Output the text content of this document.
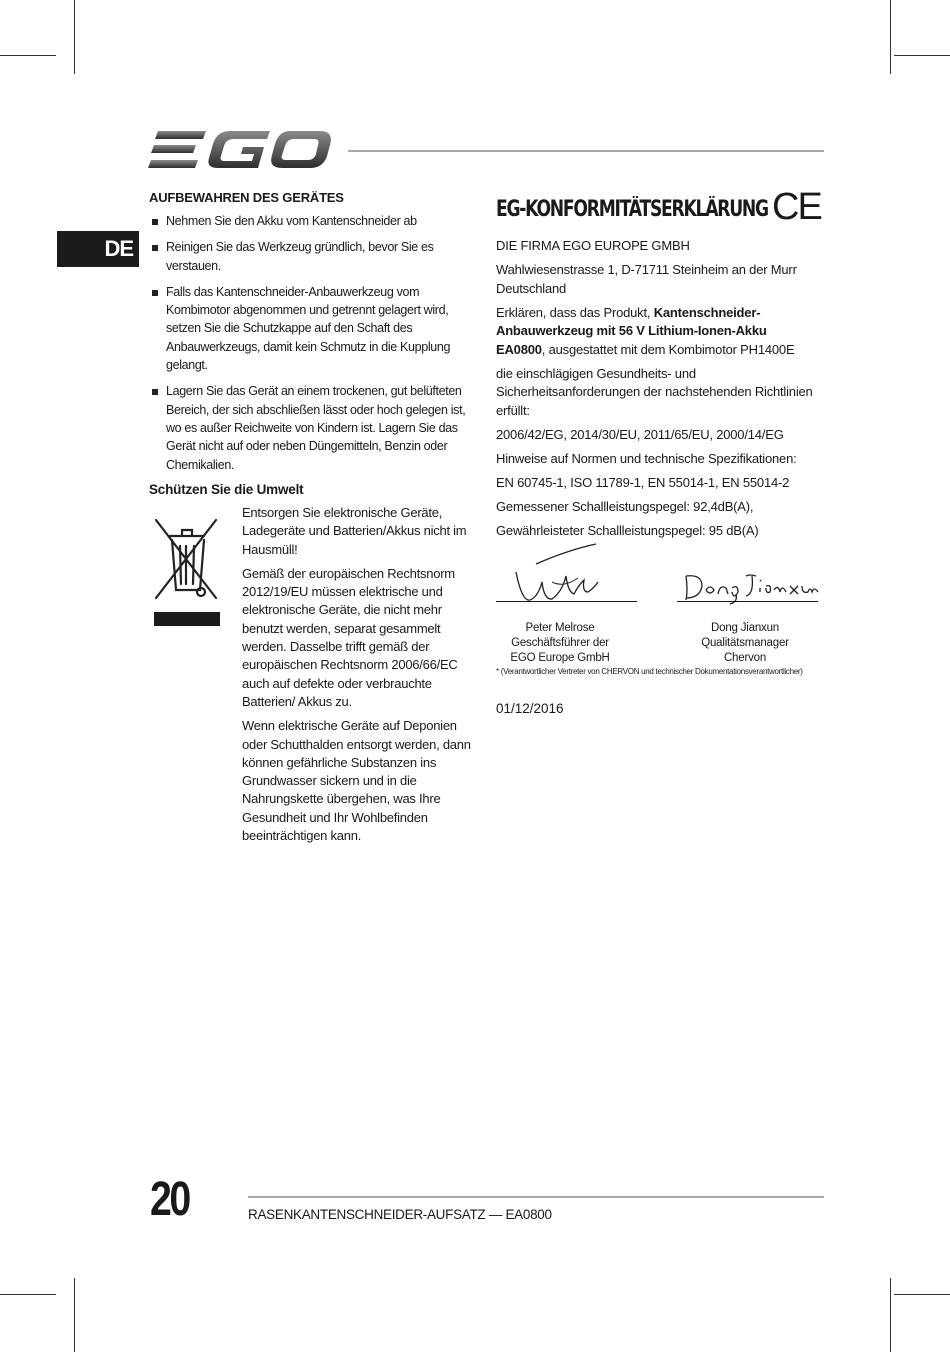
DE
AUFBEWAHREN DES GERÄTES
Nehmen Sie den Akku vom Kantenschneider ab
Reinigen Sie das Werkzeug gründlich, bevor Sie es verstauen.
Falls das Kantenschneider-Anbauwerkzeug vom Kombimotor abgenommen und getrennt gelagert wird, setzen Sie die Schutzkappe auf den Schaft des Anbauwerkzeugs, damit kein Schmutz in die Kupplung gelangt.
Lagern Sie das Gerät an einem trockenen, gut belüfteten Bereich, der sich abschließen lässt oder hoch gelegen ist, wo es außer Reichweite von Kindern ist. Lagern Sie das Gerät nicht auf oder neben Düngemitteln, Benzin oder Chemikalien.
Schützen Sie die Umwelt

Entsorgen Sie elektronische Geräte, Ladegeräte und Batterien/Akkus nicht im Hausmüll!

Gemäß der europäischen Rechtsnorm 2012/19/EU müssen elektrische und elektronische Geräte, die nicht mehr benutzt werden, separat gesammelt werden. Dasselbe trifft gemäß der europäischen Rechtsnorm 2006/66/EC auch auf defekte oder verbrauchte Batterien/ Akkus zu.

Wenn elektrische Geräte auf Deponien oder Schutthalden entsorgt werden, dann können gefährliche Substanzen ins Grundwasser sickern und in die Nahrungskette übergehen, was Ihre Gesundheit und Ihr Wohlbefinden beeinträchtigen kann.

EG-KONFORMITÄTSERKLÄRUNG CE

DIE FIRMA EGO EUROPE GMBH

Wahlwiesenstrasse 1, D-71711 Steinheim an der Murr Deutschland

Erklären, dass das Produkt, Kantenschneider-Anbauwerkzeug mit 56 V Lithium-Ionen-Akku EA0800, ausgestattet mit dem Kombimotor PH1400E

die einschlägigen Gesundheits- und Sicherheitsanforderungen der nachstehenden Richtlinien erfüllt:

2006/42/EG, 2014/30/EU, 2011/65/EU, 2000/14/EG

Hinweise auf Normen und technische Spezifikationen:

EN 60745-1, ISO 11789-1, EN 55014-1, EN 55014-2

Gemessener Schallleistungspegel: 92,4dB(A),

Gewährleisteter Schallleistungspegel: 95 dB(A)

Peter Melrose
Geschäftsführer der
EGO Europe GmbH
Dong Jianxun
Qualitätsmanager
Chervon
* (Verantwortlicher Vertreter von CHERVON und technischer Dokumentationsverantwortlicher)
01/12/2016
20	RASENKANTENSCHNEIDER-AUFSATZ — EA0800
